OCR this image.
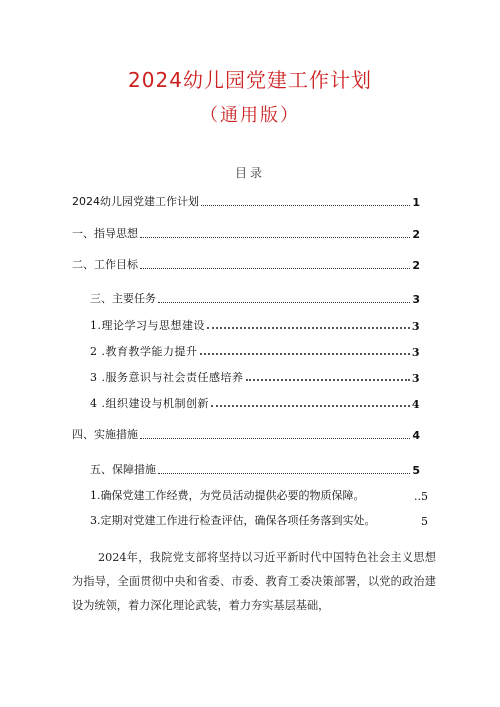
2024幼儿园党建工作计划
（通用版）
目录
2024幼儿园党建工作计划	1
一、指导思想	2
二、工作目标	2
三、主要任务	3
1.理论学习与思想建设	3
2 .教育教学能力提升	3
3 .服务意识与社会责任感培养	3
4 .组织建设与机制创新	4
四、实施措施	4
五、保障措施	5
1.确保党建工作经费，为党员活动提供必要的物质保障。	..5
3.定期对党建工作进行检查评估，确保各项任务落到实处。	5
2024年，我院党支部将坚持以习近平新时代中国特色社会主义思想为指导，全面贯彻中央和省委、市委、教育工委决策部署，以党的政治建设为统领，着力深化理论武装，着力夯实基层基础，
